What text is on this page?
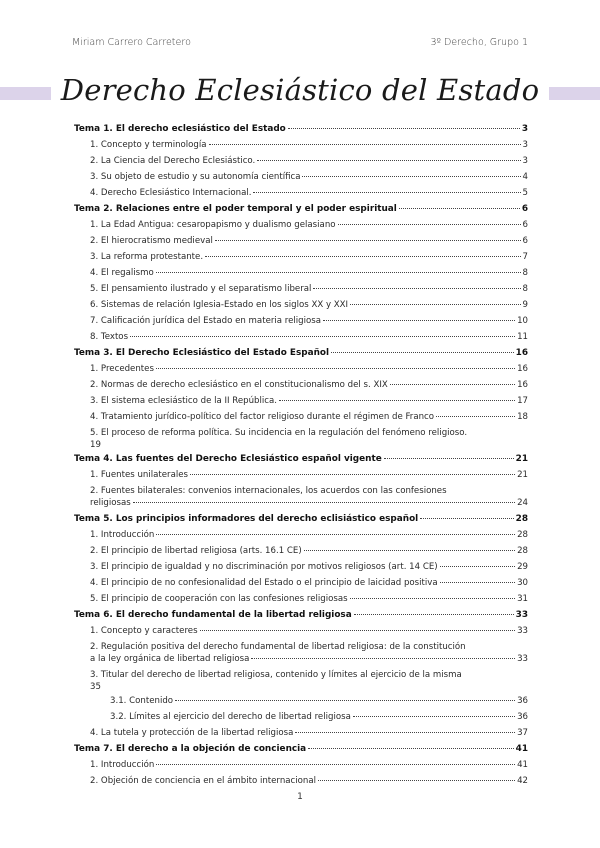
Miriam Carrero Carretero	3º Derecho, Grupo 1
Derecho Eclesiástico del Estado
Tema 1. El derecho eclesiástico del Estado	3
1. Concepto y terminología	3
2. La Ciencia del Derecho Eclesiástico.	3
3. Su objeto de estudio y su autonomía científica	4
4. Derecho Eclesiástico Internacional.	5
Tema 2. Relaciones entre el poder temporal y el poder espiritual	6
1. La Edad Antigua: cesaropapismo y dualismo gelasiano	6
2. El hierocratismo medieval	6
3. La reforma protestante.	7
4. El regalismo	8
5. El pensamiento ilustrado y el separatismo liberal	8
6. Sistemas de relación Iglesia-Estado en los siglos XX y XXI	9
7. Calificación jurídica del Estado en materia religiosa	10
8. Textos	11
Tema 3. El Derecho Eclesiástico del Estado Español	16
1. Precedentes	16
2. Normas de derecho eclesiástico en el constitucionalismo del s. XIX	16
3. El sistema eclesiástico de la II República.	17
4. Tratamiento jurídico-político del factor religioso durante el régimen de Franco	18
5. El proceso de reforma política. Su incidencia en la regulación del fenómeno religioso.
19
Tema 4. Las fuentes del Derecho Eclesiástico español vigente	21
1. Fuentes unilaterales	21
2. Fuentes bilaterales: convenios internacionales, los acuerdos con las confesiones
religiosas	24
Tema 5. Los principios informadores del derecho eclisiástico español	28
1. Introducción	28
2. El principio de libertad religiosa (arts. 16.1 CE)	28
3. El principio de igualdad y no discriminación por motivos religiosos (art. 14 CE)	29
4. El principio de no confesionalidad del Estado o el principio de laicidad positiva	30
5. El principio de cooperación con las confesiones religiosas	31
Tema 6. El derecho fundamental de la libertad religiosa	33
1. Concepto y caracteres	33
2. Regulación positiva del derecho fundamental de libertad religiosa: de la constitución
a la ley orgánica de libertad religiosa	33
3. Titular del derecho de libertad religiosa, contenido y límites al ejercicio de la misma
35
3.1. Contenido	36
3.2. Límites al ejercicio del derecho de libertad religiosa	36
4. La tutela y protección de la libertad religiosa	37
Tema 7. El derecho a la objeción de conciencia	41
1. Introducción	41
2. Objeción de conciencia en el ámbito internacional	42
1
